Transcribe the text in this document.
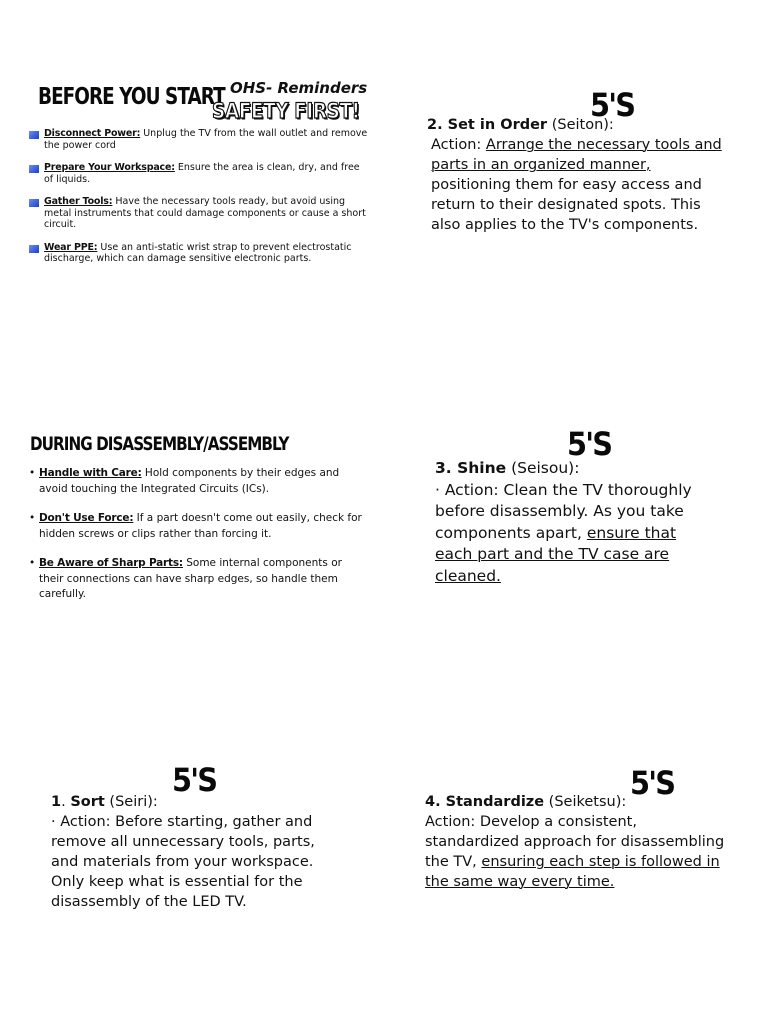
BEFORE YOU START OHS- Reminders
SAFETY FIRST!
Disconnect Power: Unplug the TV from the wall outlet and remove the power cord
Prepare Your Workspace: Ensure the area is clean, dry, and free of liquids.
Gather Tools: Have the necessary tools ready, but avoid using metal instruments that could damage components or cause a short circuit.
Wear PPE: Use an anti-static wrist strap to prevent electrostatic discharge, which can damage sensitive electronic parts.
5'S
2. Set in Order (Seiton):
Action: Arrange the necessary tools and parts in an organized manner, positioning them for easy access and return to their designated spots. This also applies to the TV's components.
DURING DISASSEMBLY/ASSEMBLY
• Handle with Care: Hold components by their edges and avoid touching the Integrated Circuits (ICs).
• Don't Use Force: If a part doesn't come out easily, check for hidden screws or clips rather than forcing it.
• Be Aware of Sharp Parts: Some internal components or their connections can have sharp edges, so handle them carefully.
5'S
3. Shine (Seisou):
· Action: Clean the TV thoroughly before disassembly. As you take components apart, ensure that each part and the TV case are cleaned.
5'S
1. Sort (Seiri):
· Action: Before starting, gather and remove all unnecessary tools, parts, and materials from your workspace. Only keep what is essential for the disassembly of the LED TV.
5'S
4. Standardize (Seiketsu):
Action: Develop a consistent, standardized approach for disassembling the TV, ensuring each step is followed in the same way every time.
